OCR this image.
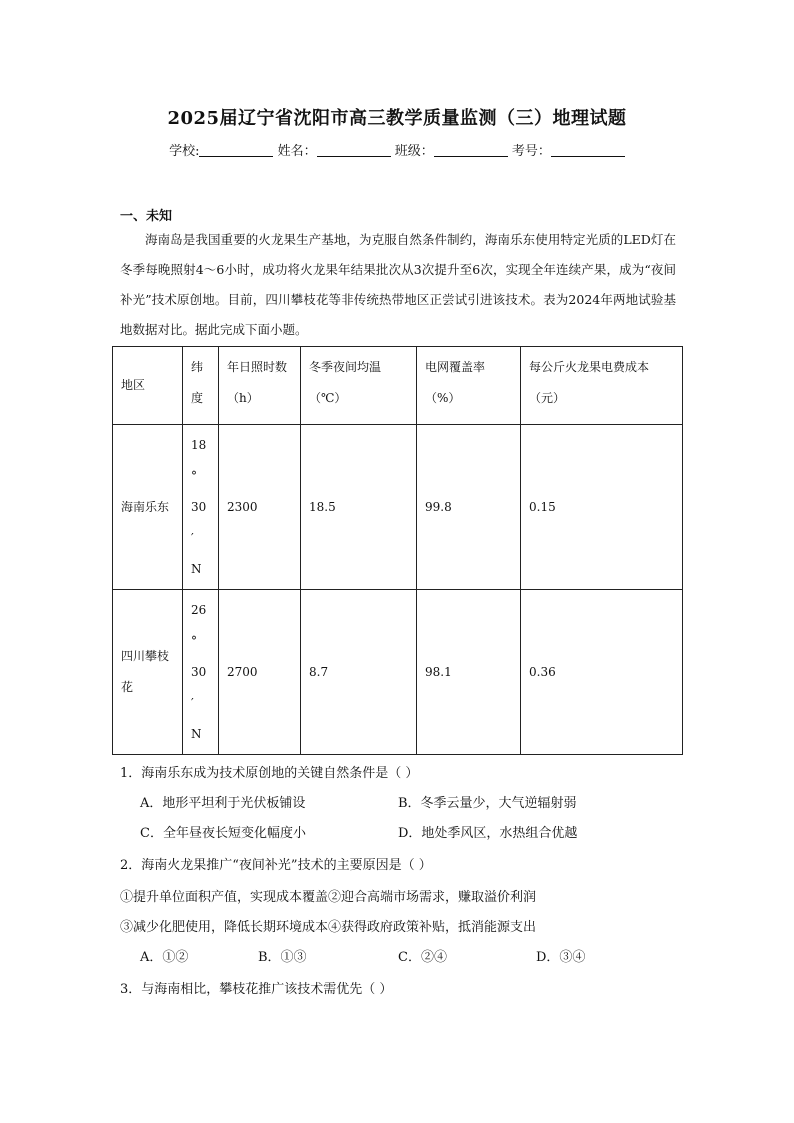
2025届辽宁省沈阳市高三教学质量监测（三）地理试题
学校:	姓名：	班级：	考号：
一、未知
海南岛是我国重要的火龙果生产基地，为克服自然条件制约，海南乐东使用特定光质的LED灯在冬季每晚照射4～6小时，成功将火龙果年结果批次从3次提升至6次，实现全年连续产果，成为“夜间补光”技术原创地。目前，四川攀枝花等非传统热带地区正尝试引进该技术。表为2024年两地试验基地数据对比。据此完成下面小题。
地区	纬度	年日照时数（h）	冬季夜间均温（℃）	电网覆盖率（%）	每公斤火龙果电费成本（元）
海南乐东	18
°
30
′
N	2300	18.5	99.8	0.15
四川攀枝花	26
°
30
′
N	2700	8.7	98.1	0.36
1．海南乐东成为技术原创地的关键自然条件是（ ）
A．地形平坦利于光伏板铺设	B．冬季云量少，大气逆辐射弱
C．全年昼夜长短变化幅度小	D．地处季风区，水热组合优越
2．海南火龙果推广“夜间补光”技术的主要原因是（ ）
①提升单位面积产值，实现成本覆盖②迎合高端市场需求，赚取溢价利润
③减少化肥使用，降低长期环境成本④获得政府政策补贴，抵消能源支出
A．①②	B．①③	C．②④	D．③④
3．与海南相比，攀枝花推广该技术需优先（ ）
